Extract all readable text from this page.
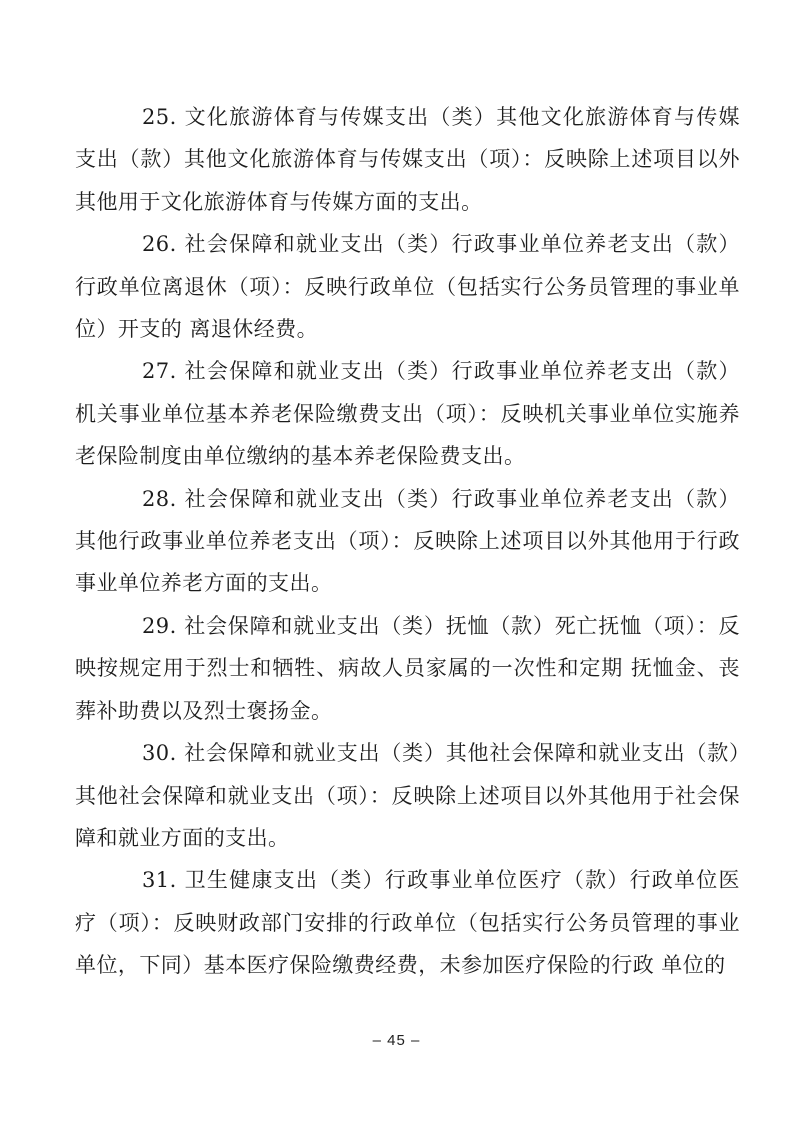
25. 文化旅游体育与传媒支出（类）其他文化旅游体育与传媒支出（款）其他文化旅游体育与传媒支出（项）：反映除上述项目以外其他用于文化旅游体育与传媒方面的支出。

26. 社会保障和就业支出（类）行政事业单位养老支出（款）行政单位离退休（项）：反映行政单位（包括实行公务员管理的事业单位）开支的 离退休经费。

27. 社会保障和就业支出（类）行政事业单位养老支出（款）机关事业单位基本养老保险缴费支出（项）：反映机关事业单位实施养老保险制度由单位缴纳的基本养老保险费支出。

28. 社会保障和就业支出（类）行政事业单位养老支出（款）其他行政事业单位养老支出（项）：反映除上述项目以外其他用于行政事业单位养老方面的支出。

29. 社会保障和就业支出（类）抚恤（款）死亡抚恤（项）：反映按规定用于烈士和牺牲、病故人员家属的一次性和定期 抚恤金、丧葬补助费以及烈士褒扬金。

30. 社会保障和就业支出（类）其他社会保障和就业支出（款）其他社会保障和就业支出（项）：反映除上述项目以外其他用于社会保障和就业方面的支出。

31. 卫生健康支出（类）行政事业单位医疗（款）行政单位医疗（项）：反映财政部门安排的行政单位（包括实行公务员管理的事业单位，下同）基本医疗保险缴费经费，未参加医疗保险的行政 单位的

– 45 –
